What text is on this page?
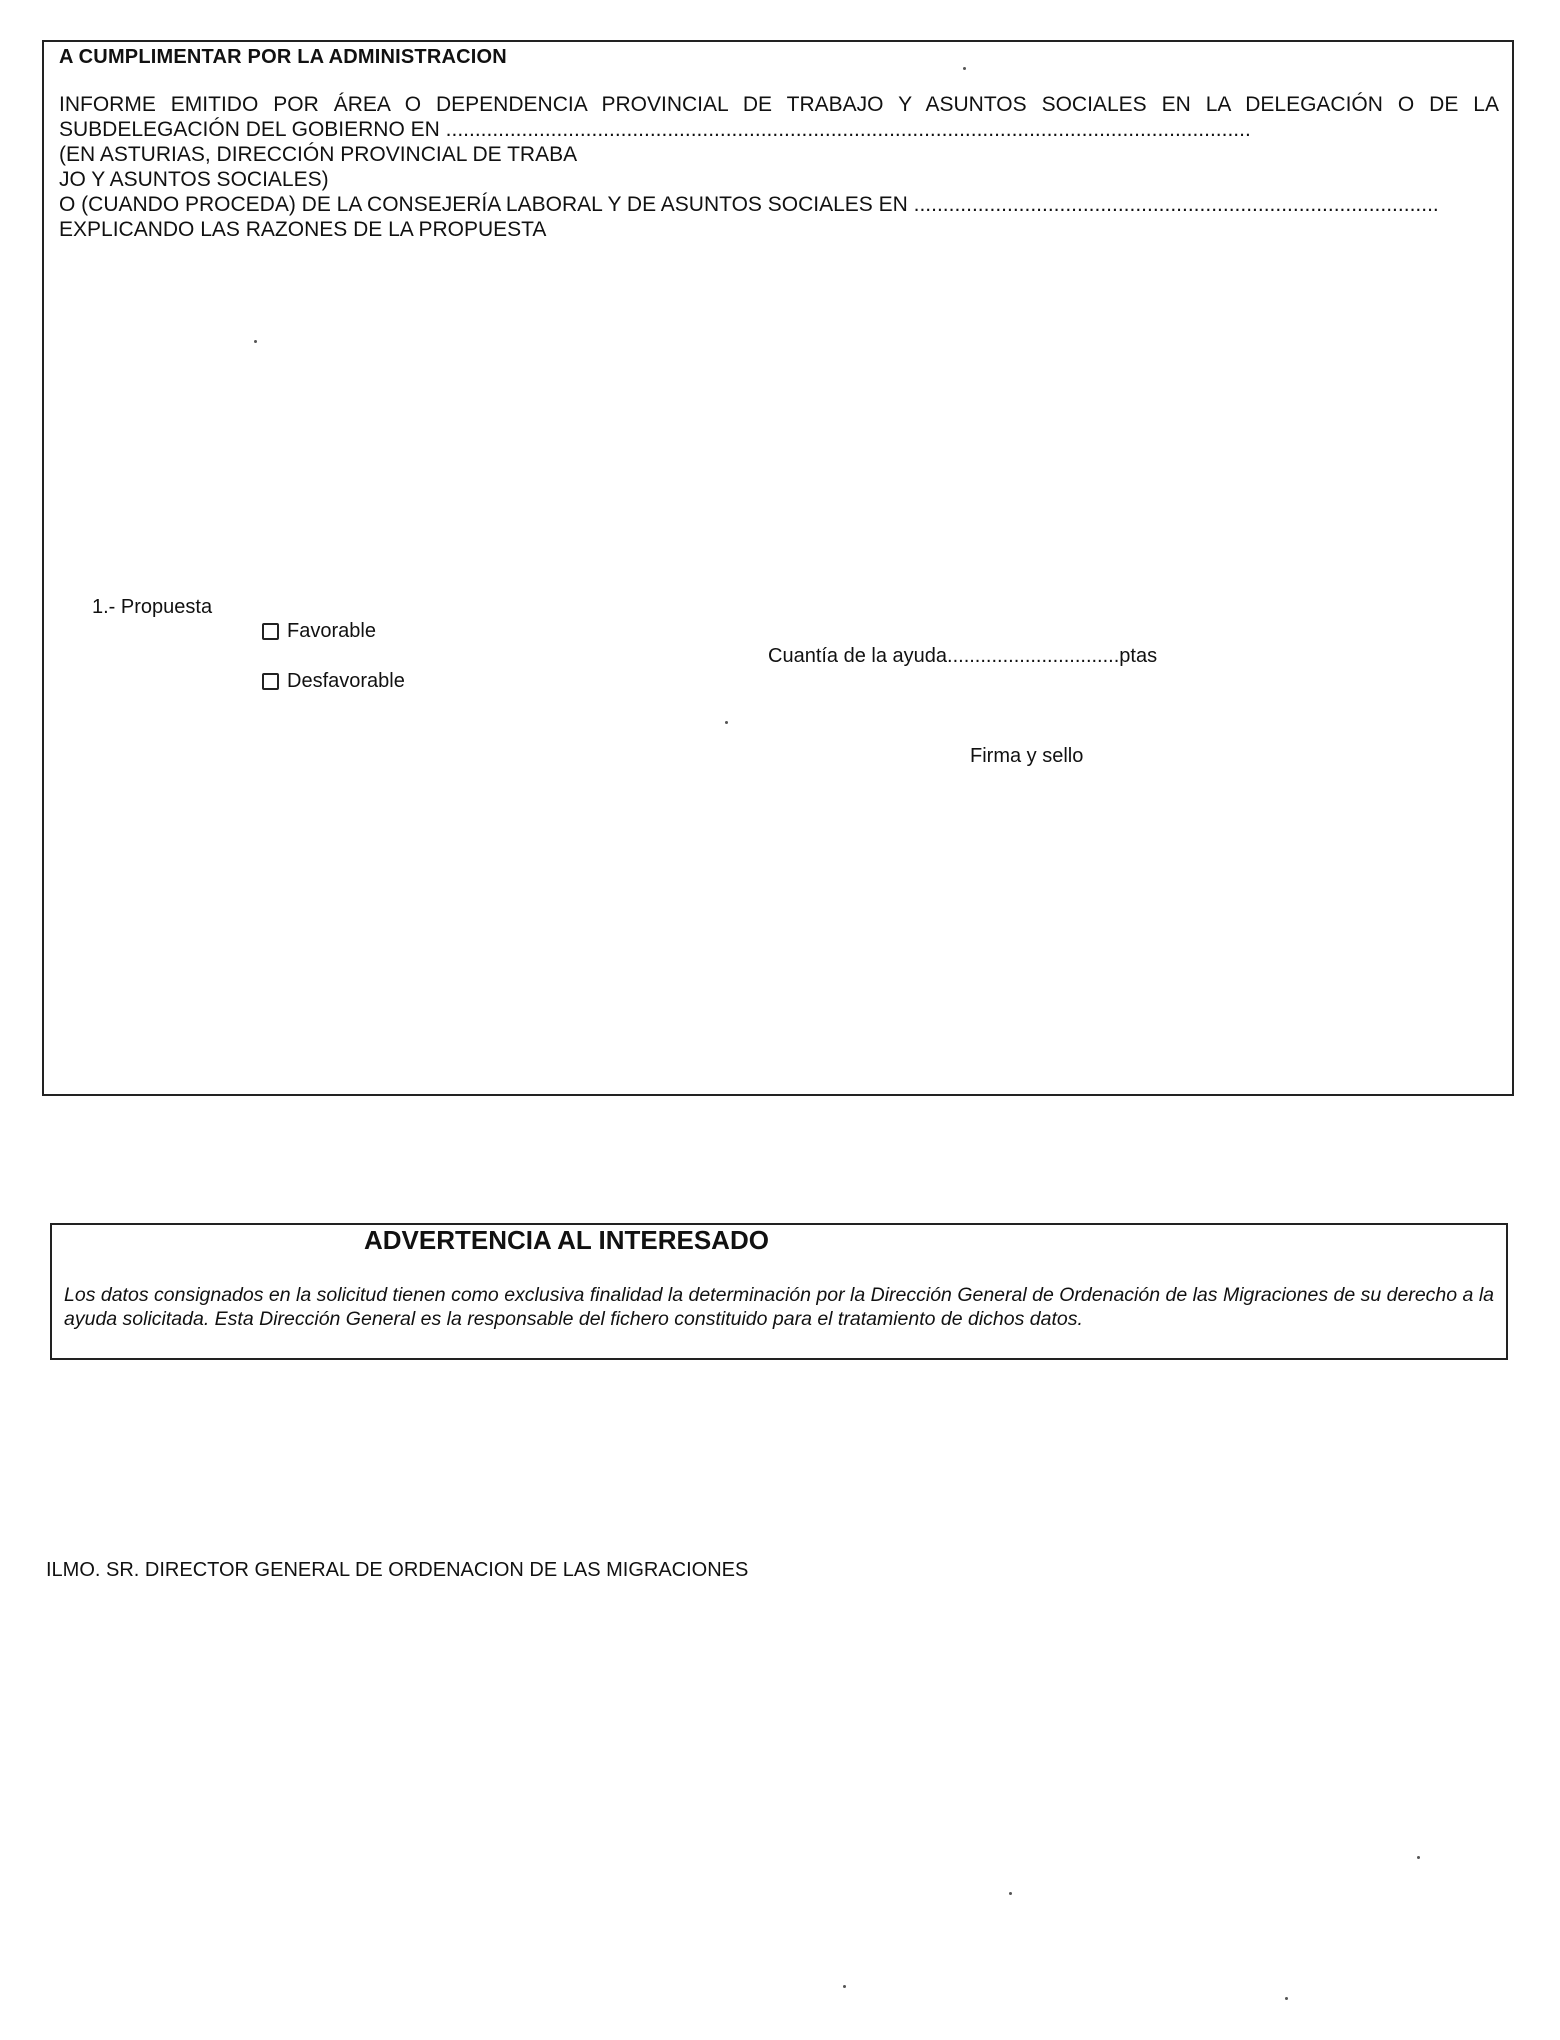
A CUMPLIMENTAR POR LA ADMINISTRACION
INFORME EMITIDO POR ÁREA O DEPENDENCIA PROVINCIAL DE TRABAJO Y ASUNTOS SOCIALES EN LA DELEGACIÓN O DE LA
SUBDELEGACIÓN DEL GOBIERNO EN ..........................................................................................................................................
(EN ASTURIAS, DIRECCIÓN PROVINCIAL DE TRABA
JO Y ASUNTOS SOCIALES)
O (CUANDO PROCEDA) DE LA CONSEJERÍA LABORAL Y DE ASUNTOS SOCIALES EN ..........................................................................................
EXPLICANDO LAS RAZONES DE LA PROPUESTA
1.- Propuesta
Favorable
Desfavorable
Cuantía de la ayuda...............................ptas
Firma y sello
ADVERTENCIA AL INTERESADO
Los datos consignados en la solicitud tienen como exclusiva finalidad la determinación por la Dirección General de Ordenación de las Migraciones de su derecho a la ayuda solicitada. Esta Dirección General es la responsable del fichero constituido para el tratamiento de dichos datos.
ILMO. SR. DIRECTOR GENERAL DE ORDENACION DE LAS MIGRACIONES
